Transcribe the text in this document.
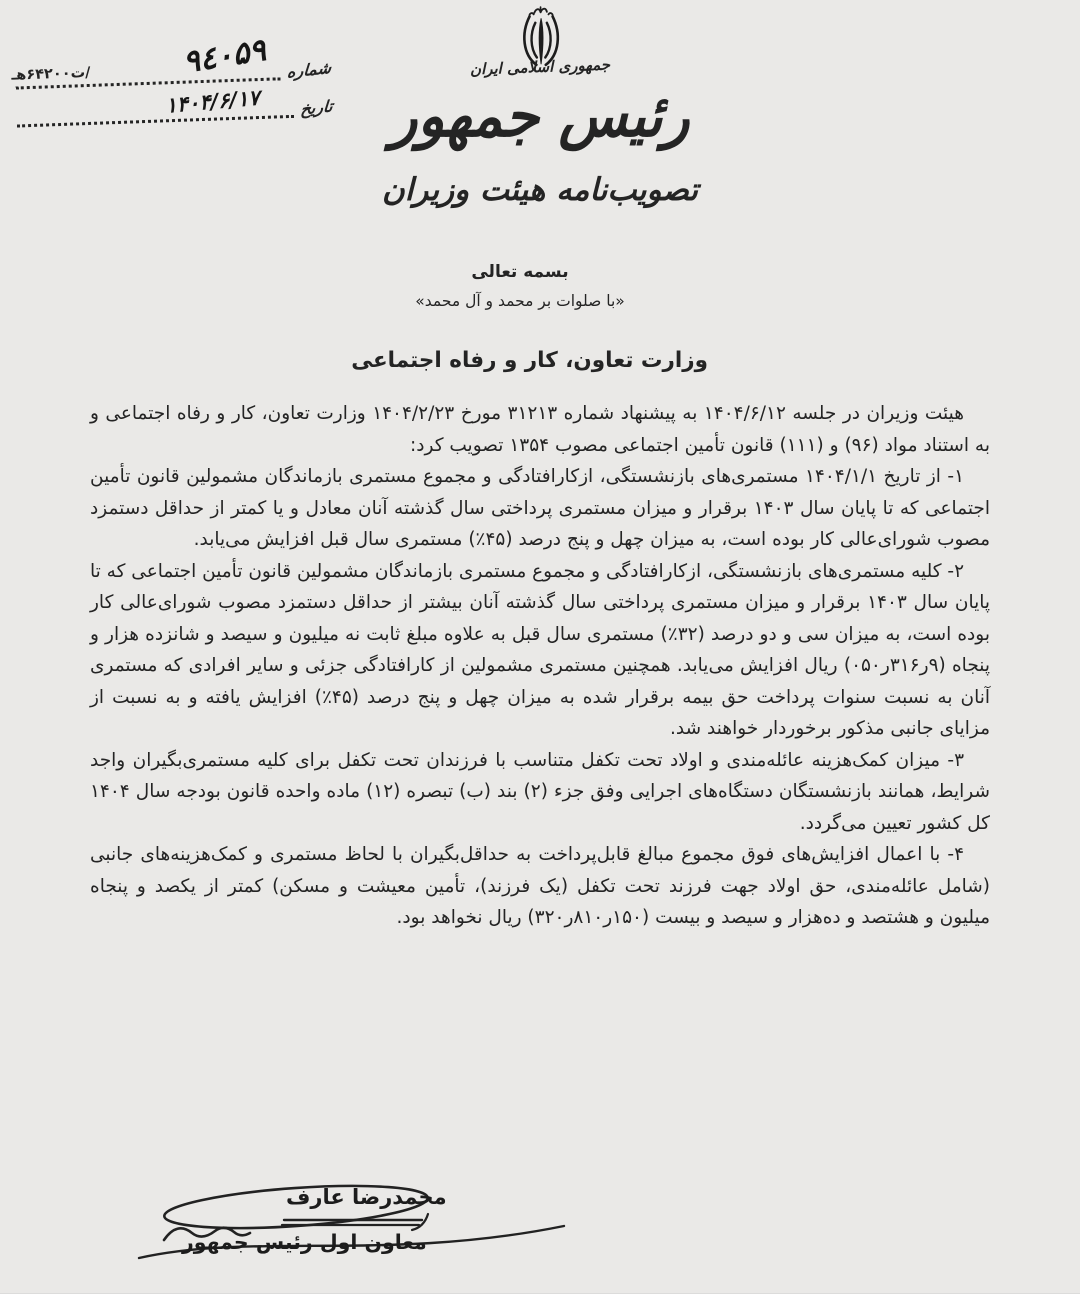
جمهوری اسلامی ایران
رئیس جمهور
تصویب‌نامه هیئت وزیران
شماره
۹٤۰۵۹
/ت۶۴۲۰۰هـ
تاریخ
۱۴۰۴/۶/۱۷
بسمه تعالی
«با صلوات بر محمد و آل محمد»
وزارت تعاون، کار و رفاه اجتماعی

هیئت وزیران در جلسه ۱۴۰۴/۶/۱۲ به پیشنهاد شماره ۳۱۲۱۳ مورخ ۱۴۰۴/۲/۲۳ وزارت تعاون، کار و رفاه اجتماعی و به استناد مواد (۹۶) و (۱۱۱) قانون تأمین اجتماعی مصوب ۱۳۵۴ تصویب کرد:

۱- از تاریخ ۱۴۰۴/۱/۱ مستمری‌های بازنشستگی، ازکارافتادگی و مجموع مستمری بازماندگان مشمولین قانون تأمین اجتماعی که تا پایان سال ۱۴۰۳ برقرار و میزان مستمری پرداختی سال گذشته آنان معادل و یا کمتر از حداقل دستمزد مصوب شورای‌عالی کار بوده است، به میزان چهل و پنج درصد (۴۵٪) مستمری سال قبل افزایش می‌یابد.

۲- کلیه مستمری‌های بازنشستگی، ازکارافتادگی و مجموع مستمری بازماندگان مشمولین قانون تأمین اجتماعی که تا پایان سال ۱۴۰۳ برقرار و میزان مستمری پرداختی سال گذشته آنان بیشتر از حداقل دستمزد مصوب شورای‌عالی کار بوده است، به میزان سی و دو درصد (۳۲٪) مستمری سال قبل به علاوه مبلغ ثابت نه میلیون و سیصد و شانزده هزار و پنجاه (۹ر۳۱۶ر۰۵۰) ریال افزایش می‌یابد. همچنین مستمری مشمولین از کارافتادگی جزئی و سایر افرادی که مستمری آنان به نسبت سنوات پرداخت حق بیمه برقرار شده به میزان چهل و پنج درصد (۴۵٪) افزایش یافته و به نسبت از مزایای جانبی مذکور برخوردار خواهند شد.

۳- میزان کمک‌هزینه عائله‌مندی و اولاد تحت تکفل متناسب با فرزندان تحت تکفل برای کلیه مستمری‌بگیران واجد شرایط، همانند بازنشستگان دستگاه‌های اجرایی وفق جزء (۲) بند (ب) تبصره (۱۲) ماده واحده قانون بودجه سال ۱۴۰۴ کل کشور تعیین می‌گردد.

۴- با اعمال افزایش‌های فوق مجموع مبالغ قابل‌پرداخت به حداقل‌بگیران با لحاظ مستمری و کمک‌هزینه‌های جانبی (شامل عائله‌مندی، حق اولاد جهت فرزند تحت تکفل (یک فرزند)، تأمین معیشت و مسکن) کمتر از یکصد و پنجاه میلیون و هشتصد و ده‌هزار و سیصد و بیست (۱۵۰ر۸۱۰ر۳۲۰) ریال نخواهد بود.

محمدرضا عارف
معاون اول رئیس جمهور
